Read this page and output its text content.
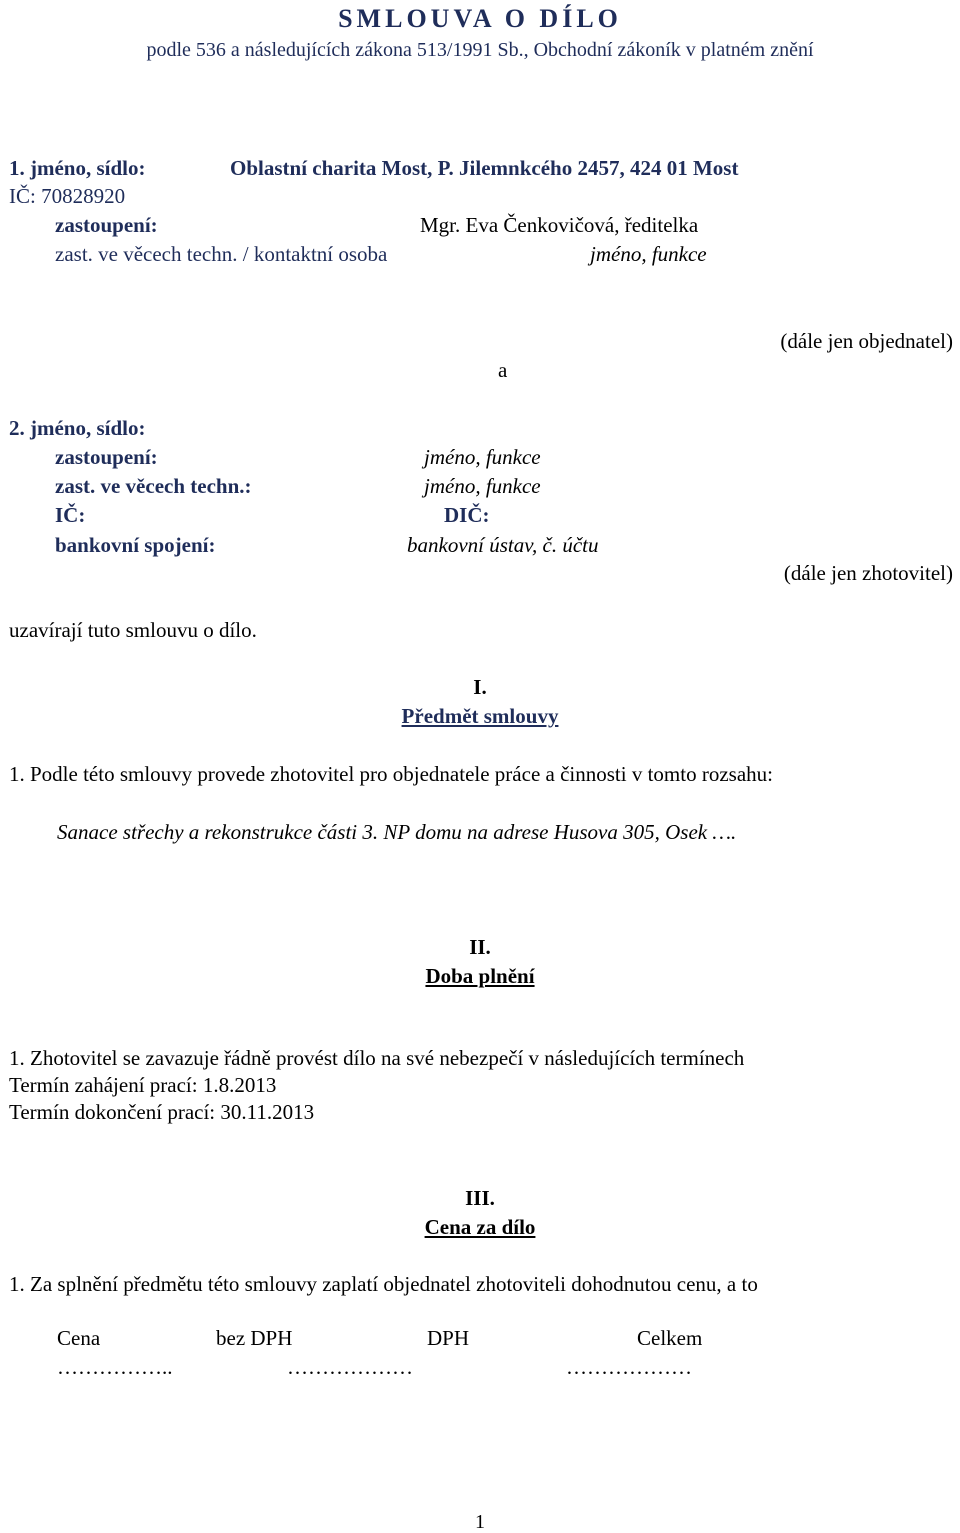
SMLOUVA O DÍLO
podle 536 a následujících zákona 513/1991 Sb., Obchodní zákoník v platném znění
1. jméno, sídlo:	Oblastní charita Most, P. Jilemnkcého 2457, 424 01 Most
IČ: 70828920
zastoupení:	Mgr. Eva Čenkovičová, ředitelka
zast. ve věcech techn. / kontaktní osoba	jméno, funkce
(dále jen objednatel)
a
2. jméno, sídlo:
zastoupení:	jméno, funkce
zast. ve věcech techn.:	jméno, funkce
IČ:	DIČ:
bankovní spojení:	bankovní ústav, č. účtu
(dále jen zhotovitel)
uzavírají tuto smlouvu o dílo.
I.
Předmět smlouvy
1. Podle této smlouvy provede zhotovitel pro objednatele práce a činnosti v tomto rozsahu:
Sanace střechy a rekonstrukce části 3. NP domu na adrese Husova 305, Osek ….
II.
Doba plnění
1. Zhotovitel se zavazuje řádně provést dílo na své nebezpečí v následujících termínech
Termín zahájení prací: 1.8.2013
Termín dokončení prací: 30.11.2013
III.
Cena za dílo
1. Za splnění předmětu této smlouvy zaplatí objednatel zhotoviteli dohodnutou cenu, a to
Cena	bez DPH	DPH	Celkem
……………..	………………	………………
1
